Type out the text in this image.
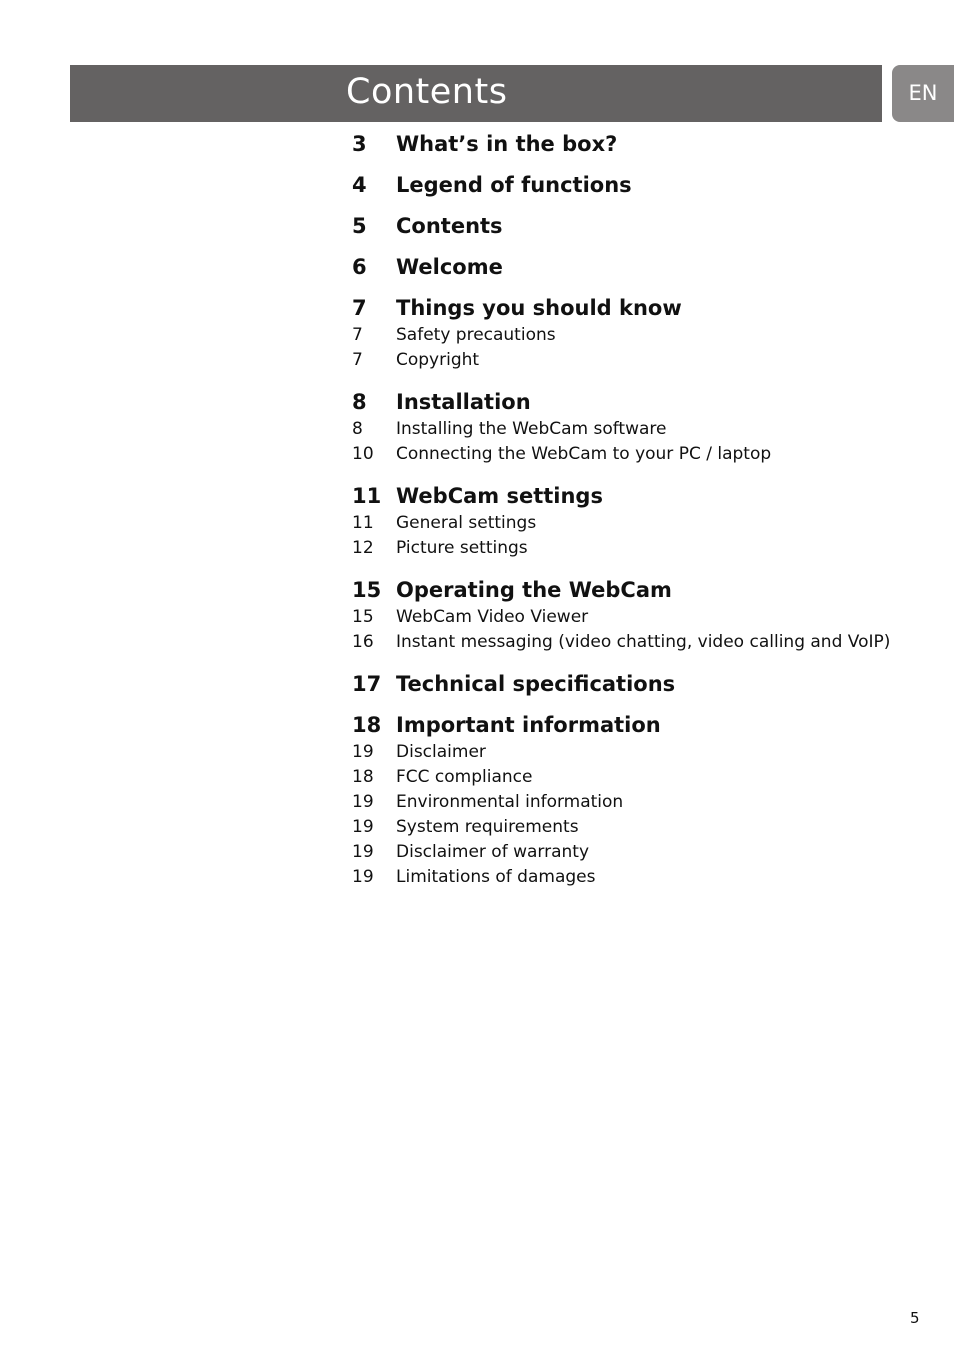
Contents	EN
3 What’s in the box?
4 Legend of functions
5 Contents
6 Welcome
7 Things you should know
7 Safety precautions
7 Copyright
8 Installation
8 Installing the WebCam software
10 Connecting the WebCam to your PC / laptop
11 WebCam settings
11 General settings
12 Picture settings
15 Operating the WebCam
15 WebCam Video Viewer
16 Instant messaging (video chatting, video calling and VoIP)
17 Technical specifications
18 Important information
19 Disclaimer
18 FCC compliance
19 Environmental information
19 System requirements
19 Disclaimer of warranty
19 Limitations of damages
5
